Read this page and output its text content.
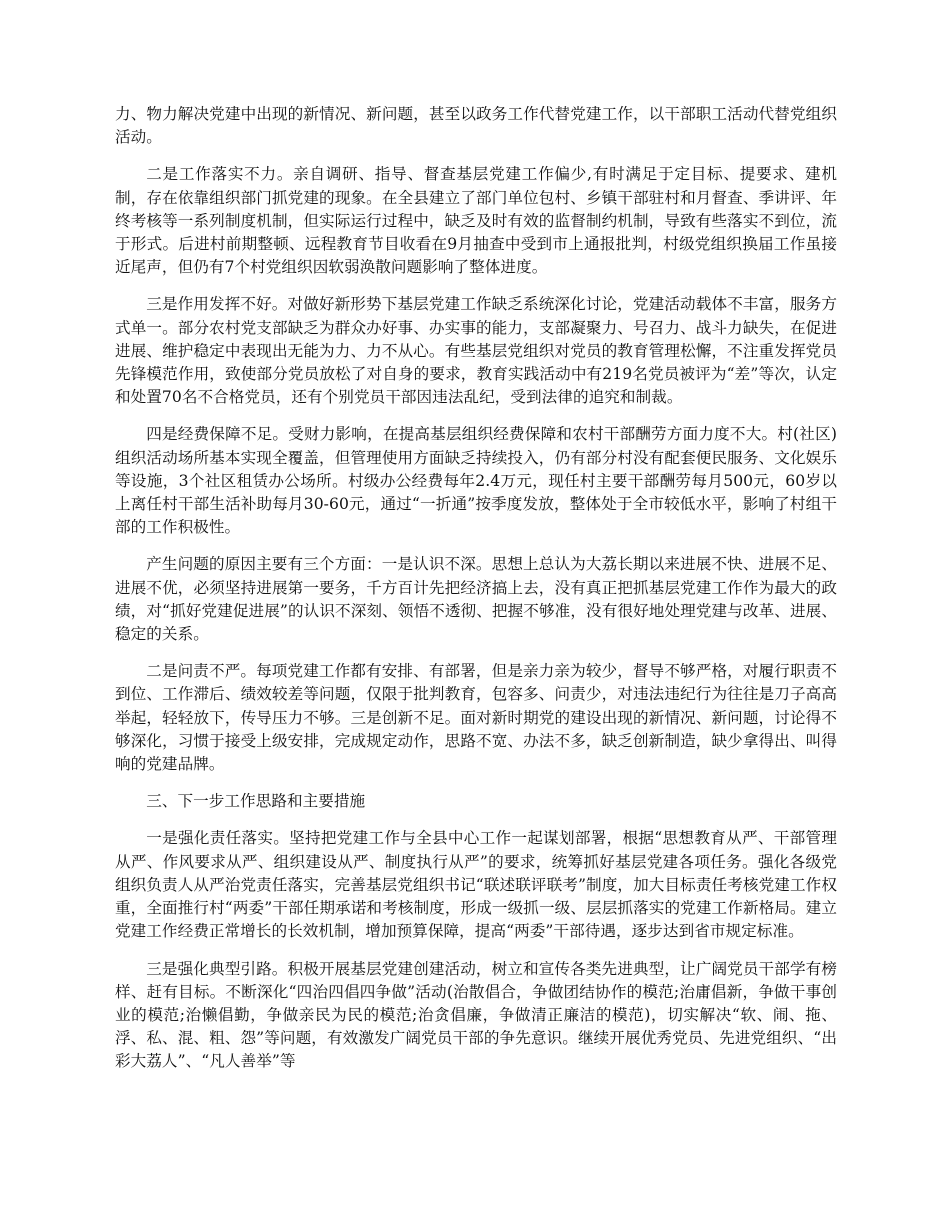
力、物力解决党建中出现的新情况、新问题，甚至以政务工作代替党建工作，以干部职工活动代替党组织活动。

二是工作落实不力。亲自调研、指导、督查基层党建工作偏少,有时满足于定目标、提要求、建机制，存在依靠组织部门抓党建的现象。在全县建立了部门单位包村、乡镇干部驻村和月督查、季讲评、年终考核等一系列制度机制，但实际运行过程中，缺乏及时有效的监督制约机制，导致有些落实不到位，流于形式。后进村前期整顿、远程教育节目收看在9月抽查中受到市上通报批判，村级党组织换届工作虽接近尾声，但仍有7个村党组织因软弱涣散问题影响了整体进度。

三是作用发挥不好。对做好新形势下基层党建工作缺乏系统深化讨论，党建活动载体不丰富，服务方式单一。部分农村党支部缺乏为群众办好事、办实事的能力，支部凝聚力、号召力、战斗力缺失，在促进进展、维护稳定中表现出无能为力、力不从心。有些基层党组织对党员的教育管理松懈，不注重发挥党员先锋模范作用，致使部分党员放松了对自身的要求，教育实践活动中有219名党员被评为“差”等次，认定和处置70名不合格党员，还有个别党员干部因违法乱纪，受到法律的追究和制裁。

四是经费保障不足。受财力影响，在提高基层组织经费保障和农村干部酬劳方面力度不大。村(社区)组织活动场所基本实现全覆盖，但管理使用方面缺乏持续投入，仍有部分村没有配套便民服务、文化娱乐等设施，3个社区租赁办公场所。村级办公经费每年2.4万元，现任村主要干部酬劳每月500元，60岁以上离任村干部生活补助每月30-60元，通过“一折通”按季度发放，整体处于全市较低水平，影响了村组干部的工作积极性。

产生问题的原因主要有三个方面：一是认识不深。思想上总认为大荔长期以来进展不快、进展不足、进展不优，必须坚持进展第一要务，千方百计先把经济搞上去，没有真正把抓基层党建工作作为最大的政绩，对“抓好党建促进展”的认识不深刻、领悟不透彻、把握不够准，没有很好地处理党建与改革、进展、稳定的关系。

二是问责不严。每项党建工作都有安排、有部署，但是亲力亲为较少，督导不够严格，对履行职责不到位、工作滞后、绩效较差等问题，仅限于批判教育，包容多、问责少，对违法违纪行为往往是刀子高高举起，轻轻放下，传导压力不够。三是创新不足。面对新时期党的建设出现的新情况、新问题，讨论得不够深化，习惯于接受上级安排，完成规定动作，思路不宽、办法不多，缺乏创新制造，缺少拿得出、叫得响的党建品牌。

三、下一步工作思路和主要措施

一是强化责任落实。坚持把党建工作与全县中心工作一起谋划部署，根据“思想教育从严、干部管理从严、作风要求从严、组织建设从严、制度执行从严”的要求，统筹抓好基层党建各项任务。强化各级党组织负责人从严治党责任落实，完善基层党组织书记“联述联评联考”制度，加大目标责任考核党建工作权重，全面推行村“两委”干部任期承诺和考核制度，形成一级抓一级、层层抓落实的党建工作新格局。建立党建工作经费正常增长的长效机制，增加预算保障，提高“两委”干部待遇，逐步达到省市规定标准。

三是强化典型引路。积极开展基层党建创建活动，树立和宣传各类先进典型，让广阔党员干部学有榜样、赶有目标。不断深化“四治四倡四争做”活动(治散倡合，争做团结协作的模范;治庸倡新，争做干事创业的模范;治懒倡勤，争做亲民为民的模范;治贪倡廉，争做清正廉洁的模范)，切实解决“软、闹、拖、浮、私、混、粗、怨”等问题，有效激发广阔党员干部的争先意识。继续开展优秀党员、先进党组织、“出彩大荔人”、“凡人善举”等
